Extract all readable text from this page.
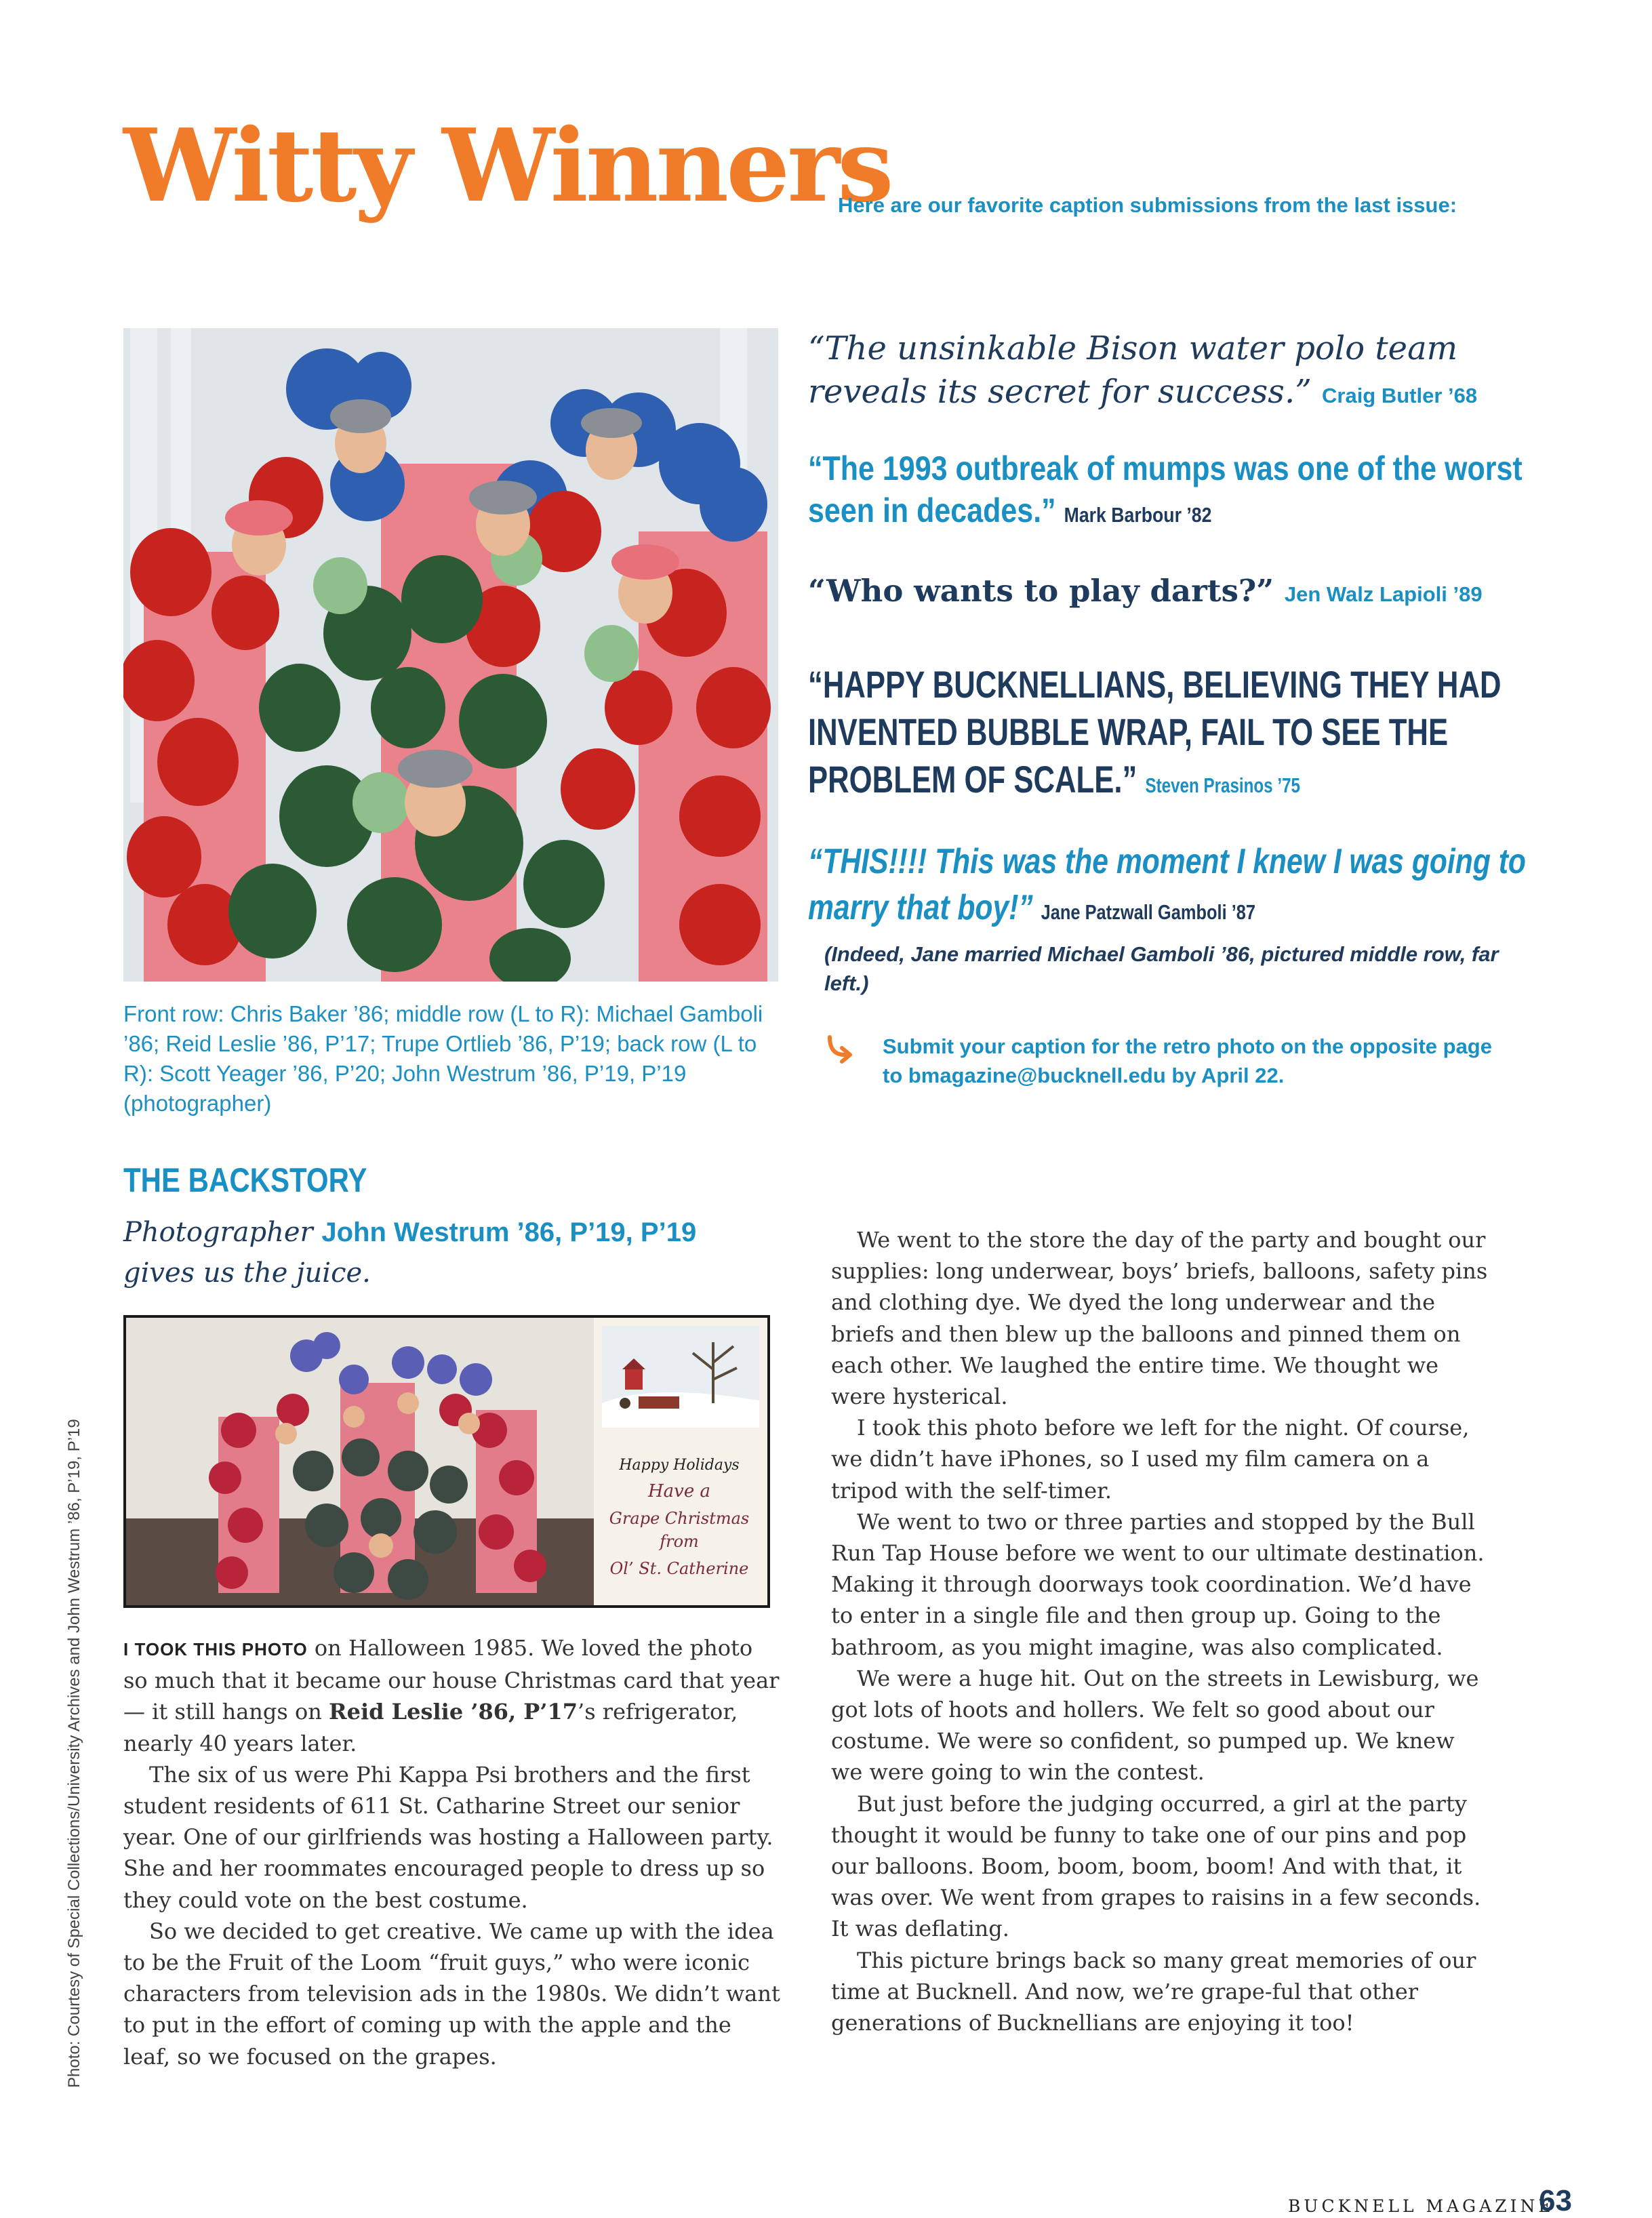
Witty Winners
Here are our favorite caption submissions from the last issue:
Front row: Chris Baker ’86; middle row (L to R): Michael Gamboli ’86; Reid Leslie ’86, P’17; Trupe Ortlieb ’86, P’19; back row (L to R): Scott Yeager ’86, P’20; John Westrum ’86, P’19, P’19 (photographer)
“The unsinkable Bison water polo team reveals its secret for success.” Craig Butler ’68
“The 1993 outbreak of mumps was one of the worst seen in decades.” Mark Barbour ’82
“Who wants to play darts?” Jen Walz Lapioli ’89
“HAPPY BUCKNELLIANS, BELIEVING THEY HAD INVENTED BUBBLE WRAP, FAIL TO SEE THE PROBLEM OF SCALE.” Steven Prasinos ’75
“THIS!!!! This was the moment I knew I was going to marry that boy!” Jane Patzwall Gamboli ’87
(Indeed, Jane married Michael Gamboli ’86, pictured middle row, far left.)
Submit your caption for the retro photo on the opposite page to bmagazine@bucknell.edu by April 22.
THE BACKSTORY
Photographer John Westrum ’86, P’19, P’19
gives us the juice.
Happy Holidays
Have a
Grape Christmas
from
Ol’ St. Catherine

I TOOK THIS PHOTO on Halloween 1985. We loved the photo so much that it became our house Christmas card that year — it still hangs on Reid Leslie ’86, P’17’s refrigerator, nearly 40 years later.

The six of us were Phi Kappa Psi brothers and the first student residents of 611 St. Catharine Street our senior year. One of our girlfriends was hosting a Halloween party. She and her roommates encouraged people to dress up so they could vote on the best costume.

So we decided to get creative. We came up with the idea to be the Fruit of the Loom “fruit guys,” who were iconic characters from television ads in the 1980s. We didn’t want to put in the effort of coming up with the apple and the leaf, so we focused on the grapes.

We went to the store the day of the party and bought our supplies: long underwear, boys’ briefs, balloons, safety pins and clothing dye. We dyed the long underwear and the briefs and then blew up the balloons and pinned them on each other. We laughed the entire time. We thought we were hysterical.

I took this photo before we left for the night. Of course, we didn’t have iPhones, so I used my film camera on a tripod with the self-timer.

We went to two or three parties and stopped by the Bull Run Tap House before we went to our ultimate destination. Making it through doorways took coordination. We’d have to enter in a single file and then group up. Going to the bathroom, as you might imagine, was also complicated.

We were a huge hit. Out on the streets in Lewisburg, we got lots of hoots and hollers. We felt so good about our costume. We were so confident, so pumped up. We knew we were going to win the contest.

But just before the judging occurred, a girl at the party thought it would be funny to take one of our pins and pop our balloons. Boom, boom, boom, boom! And with that, it was over. We went from grapes to raisins in a few seconds. It was deflating.

This picture brings back so many great memories of our time at Bucknell. And now, we’re grape-ful that other generations of Bucknellians are enjoying it too!

Photo: Courtesy of Special Collections/University Archives and John Westrum ’86, P’19, P’19
BUCKNELL MAGAZINE
63
